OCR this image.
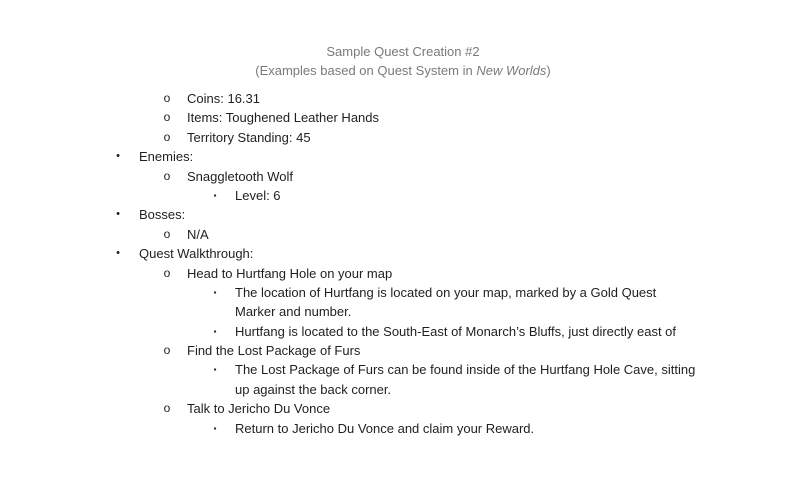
Sample Quest Creation #2
(Examples based on Quest System in New Worlds)
o Coins: 16.31
o Items: Toughened Leather Hands
o Territory Standing: 45
•	Enemies:
o Snaggletooth Wolf
▪	Level: 6
•	Bosses:
o N/A
•	Quest Walkthrough:
o Head to Hurtfang Hole on your map
▪	The location of Hurtfang is located on your map, marked by a Gold Quest
Marker and number.
▪	Hurtfang is located to the South-East of Monarch’s Bluffs, just directly east of
o Find the Lost Package of Furs
▪	The Lost Package of Furs can be found inside of the Hurtfang Hole Cave, sitting
up against the back corner.
o Talk to Jericho Du Vonce
▪	Return to Jericho Du Vonce and claim your Reward.
